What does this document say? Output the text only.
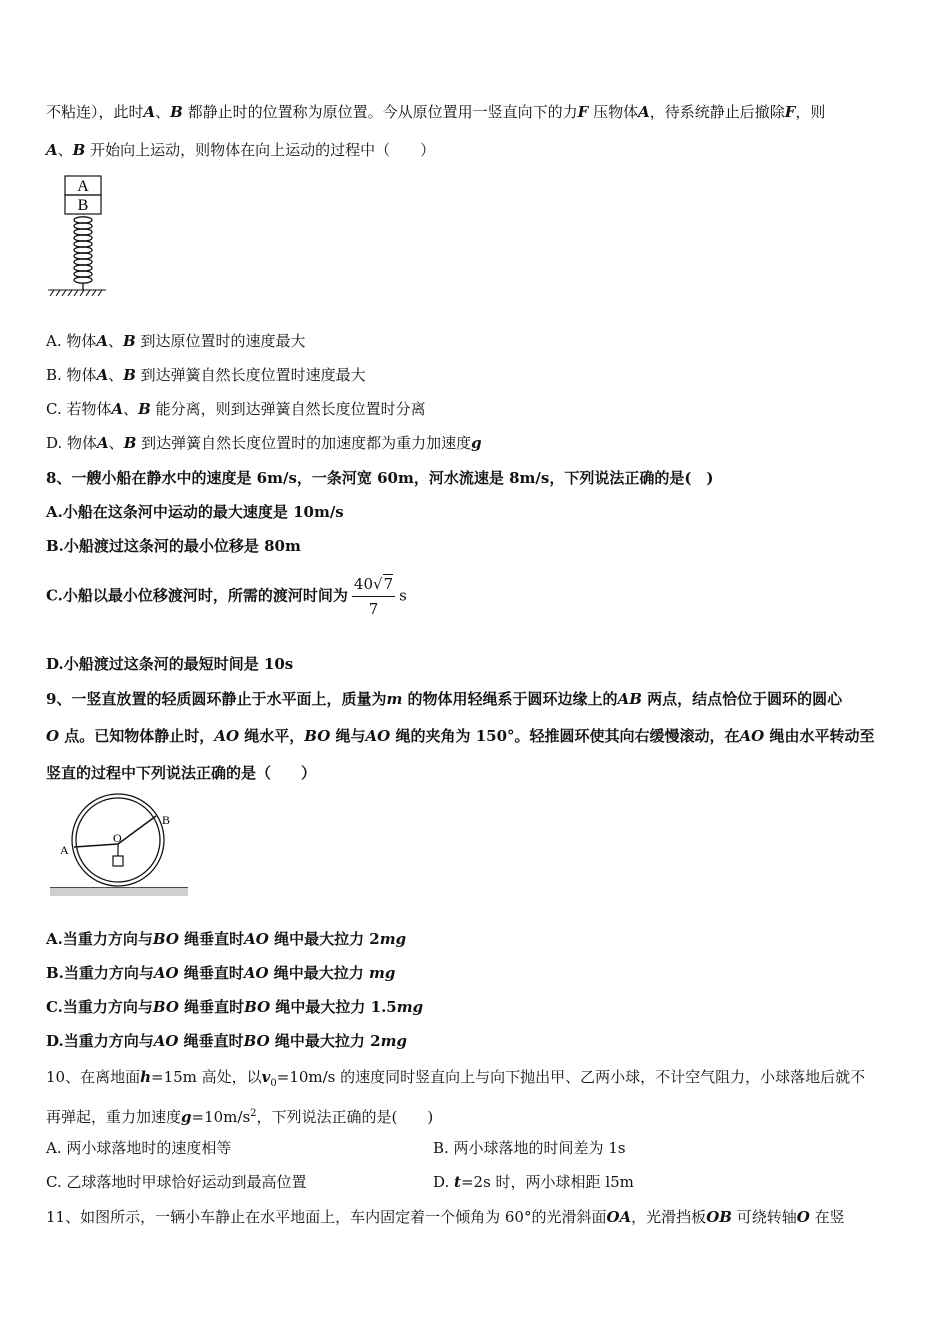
不粘连），此时A、B 都静止时的位置称为原位置。今从原位置用一竖直向下的力F 压物体A，待系统静止后撤除F，则
A、B 开始向上运动，则物体在向上运动的过程中（　　）
A
B
A. 物体A、B 到达原位置时的速度最大
B. 物体A、B 到达弹簧自然长度位置时速度最大
C. 若物体A、B 能分离，则到达弹簧自然长度位置时分离
D. 物体A、B 到达弹簧自然长度位置时的加速度都为重力加速度g
8、一艘小船在静水中的速度是 6m/s，一条河宽 60m，河水流速是 8m/s，下列说法正确的是(　)
A.小船在这条河中运动的最大速度是 10m/s
B.小船渡过这条河的最小位移是 80m
C.小船以最小位移渡河时，所需的渡河时间为 $\frac{40√7}{7}$ s
D.小船渡过这条河的最短时间是 10s
9、一竖直放置的轻质圆环静止于水平面上，质量为m 的物体用轻绳系于圆环边缘上的AB 两点，结点恰位于圆环的圆心
O 点。已知物体静止时，AO 绳水平，BO 绳与AO 绳的夹角为 150°。轻推圆环使其向右缓慢滚动，在AO 绳由水平转动至
竖直的过程中下列说法正确的是（　　）
O
A
B
A.当重力方向与BO 绳垂直时AO 绳中最大拉力 2mg
B.当重力方向与AO 绳垂直时AO 绳中最大拉力 mg
C.当重力方向与BO 绳垂直时BO 绳中最大拉力 1.5mg
D.当重力方向与AO 绳垂直时BO 绳中最大拉力 2mg
10、在离地面h=15m 高处，以$v_0=10m/s$ 的速度同时竖直向上与向下抛出甲、乙两小球，不计空气阻力，小球落地后就不
再弹起，重力加速度$g=10m/s^2$，下列说法正确的是(　　)
A. 两小球落地时的速度相等	B. 两小球落地的时间差为 1s
C. 乙球落地时甲球恰好运动到最高位置	D. t=2s 时，两小球相距 l5m
11、如图所示，一辆小车静止在水平地面上，车内固定着一个倾角为 60°的光滑斜面OA，光滑挡板OB 可绕转轴O 在竖
